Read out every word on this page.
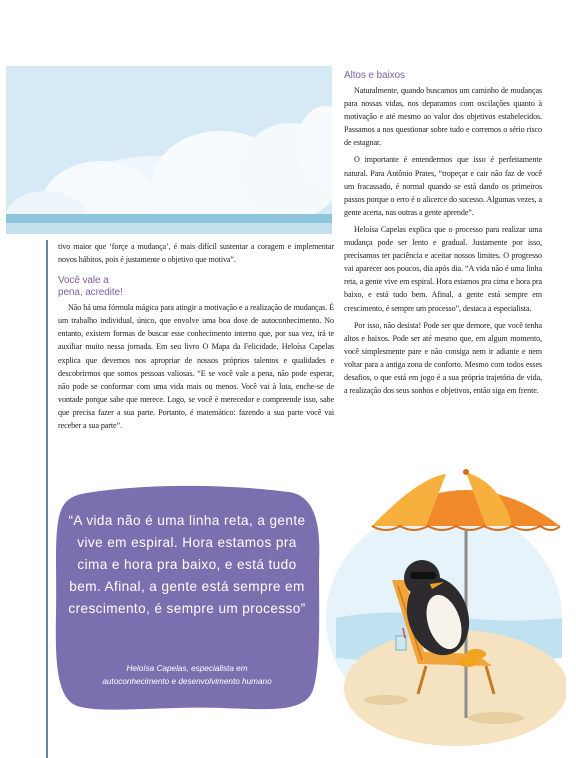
tivo maior que ‘forçe a mudança’, é mais difícil sustentar a coragem e implementar novos hábitos, pois é justamente o objetivo que motiva”.

Você vale a
pena, acredite!

Não há uma fórmula mágica para atingir a motivação e a realização de mudanças. É um trabalho individual, único, que envolve uma boa dose de autoconhecimento. No entanto, existem formas de buscar esse conhecimento interno que, por sua vez, irá te auxiliar muito nessa jornada. Em seu livro O Mapa da Felicidade, Heloísa Capelas explica que devemos nos apropriar de nossos próprios talentos e qualidades e descobrirmos que somos pessoas valiosas. “E se você vale a pena, não pode esperar, não pode se conformar com uma vida mais ou menos. Você vai à luta, enche-se de vontade porque sabe que merece. Logo, se você é merecedor e compreende isso, sabe que precisa fazer a sua parte. Portanto, é matemático: fazendo a sua parte você vai receber a sua parte”.

“A vida não é uma linha reta, a gente vive em espiral. Hora estamos pra cima e hora pra baixo, e está tudo bem. Afinal, a gente está sempre em crescimento, é sempre um processo”
Heloísa Capelas, especialista em
autoconhecimento e desenvolvimento humano
Altos e baixos

Naturalmente, quando buscamos um caminho de mudanças para nossas vidas, nos deparamos com oscilações quanto à motivação e até mesmo ao valor dos objetivos estabelecidos. Passamos a nos questionar sobre tudo e corremos o sério risco de estagnar.

O importante é entendermos que isso é perfeitamente natural. Para Antônio Prates, “tropeçar e cair não faz de você um fracassado, é normal quando se está dando os primeiros passos porque o erro é o alicerce do sucesso. Algumas vezes, a gente acerta, nas outras a gente aprende”.

Heloísa Capelas explica que o processo para realizar uma mudança pode ser lento e gradual. Justamente por isso, precisamos ter paciência e aceitar nossos limites. O progresso vai aparecer aos poucos, dia após dia. “A vida não é uma linha reta, a gente vive em espiral. Hora estamos pra cima e hora pra baixo, e está tudo bem. Afinal, a gente está sempre em crescimento, é sempre um processo”, destaca a especialista.

Por isso, não desista! Pode ser que demore, que você tenha altos e baixos. Pode ser até mesmo que, em algum momento, você simplesmente pare e não consiga nem ir adiante e nem voltar para a antiga zona de conforto. Mesmo com todos esses desafios, o que está em jogo é a sua própria trajetória de vida, a realização dos seus sonhos e objetivos, então siga em frente.
